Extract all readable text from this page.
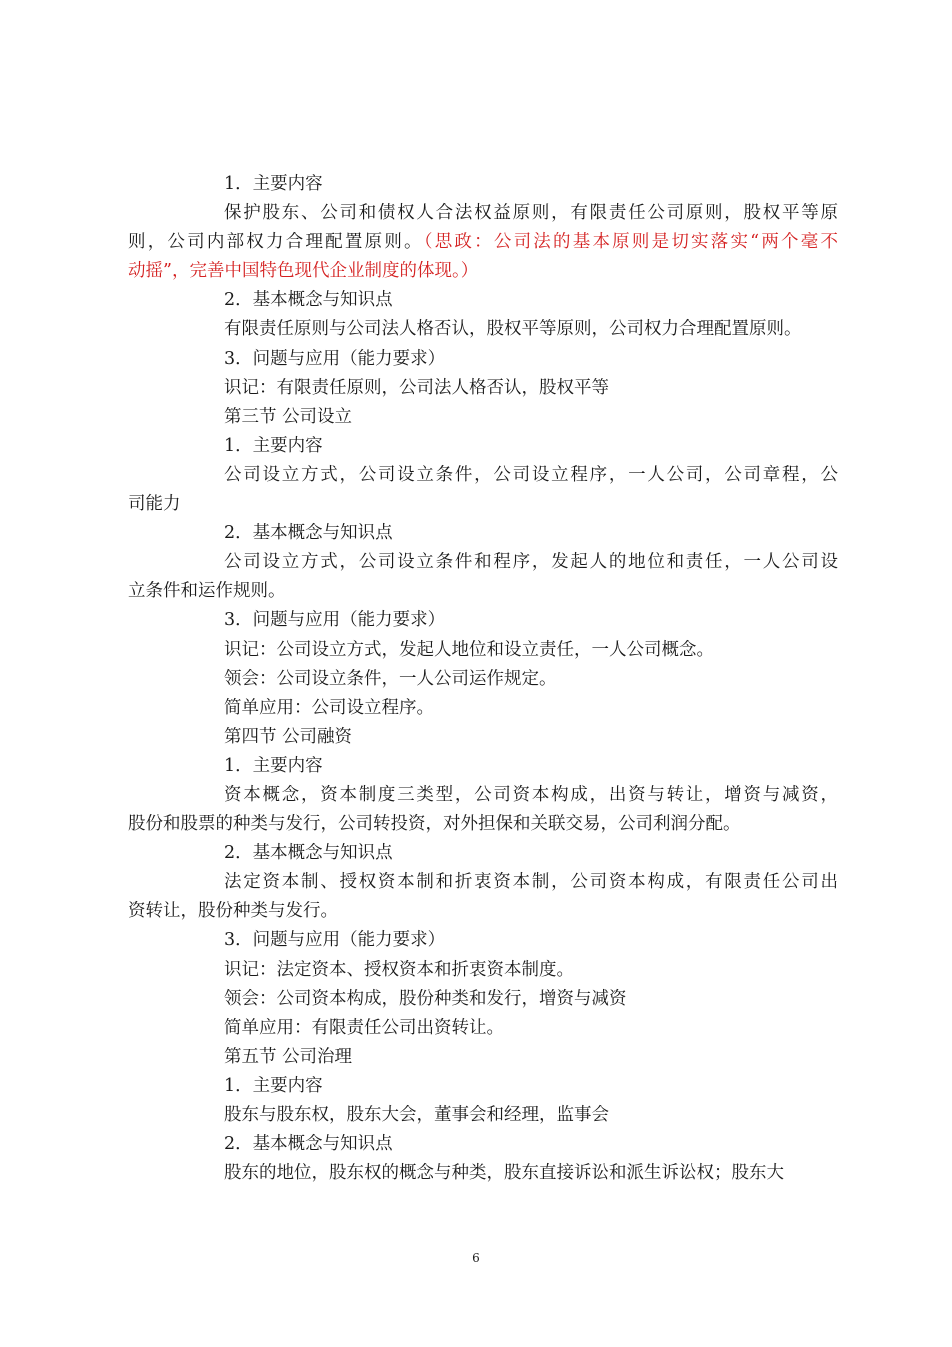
1．主要内容
保护股东、公司和债权人合法权益原则，有限责任公司原则，股权平等原
则，公司内部权力合理配置原则。（思政：公司法的基本原则是切实落实“两个毫不
动摇”，完善中国特色现代企业制度的体现。）
2．基本概念与知识点
有限责任原则与公司法人格否认，股权平等原则，公司权力合理配置原则。
3．问题与应用（能力要求）
识记：有限责任原则，公司法人格否认，股权平等
第三节 公司设立
1．主要内容
公司设立方式，公司设立条件，公司设立程序，一人公司，公司章程，公
司能力
2．基本概念与知识点
公司设立方式，公司设立条件和程序，发起人的地位和责任，一人公司设
立条件和运作规则。
3．问题与应用（能力要求）
识记：公司设立方式，发起人地位和设立责任，一人公司概念。
领会：公司设立条件，一人公司运作规定。
简单应用：公司设立程序。
第四节 公司融资
1．主要内容
资本概念，资本制度三类型，公司资本构成，出资与转让，增资与减资，
股份和股票的种类与发行，公司转投资，对外担保和关联交易，公司利润分配。
2．基本概念与知识点
法定资本制、授权资本制和折衷资本制，公司资本构成，有限责任公司出
资转让，股份种类与发行。
3．问题与应用（能力要求）
识记：法定资本、授权资本和折衷资本制度。
领会：公司资本构成，股份种类和发行，增资与减资
简单应用：有限责任公司出资转让。
第五节 公司治理
1．主要内容
股东与股东权，股东大会，董事会和经理，监事会
2．基本概念与知识点
股东的地位，股东权的概念与种类，股东直接诉讼和派生诉讼权；股东大
6
